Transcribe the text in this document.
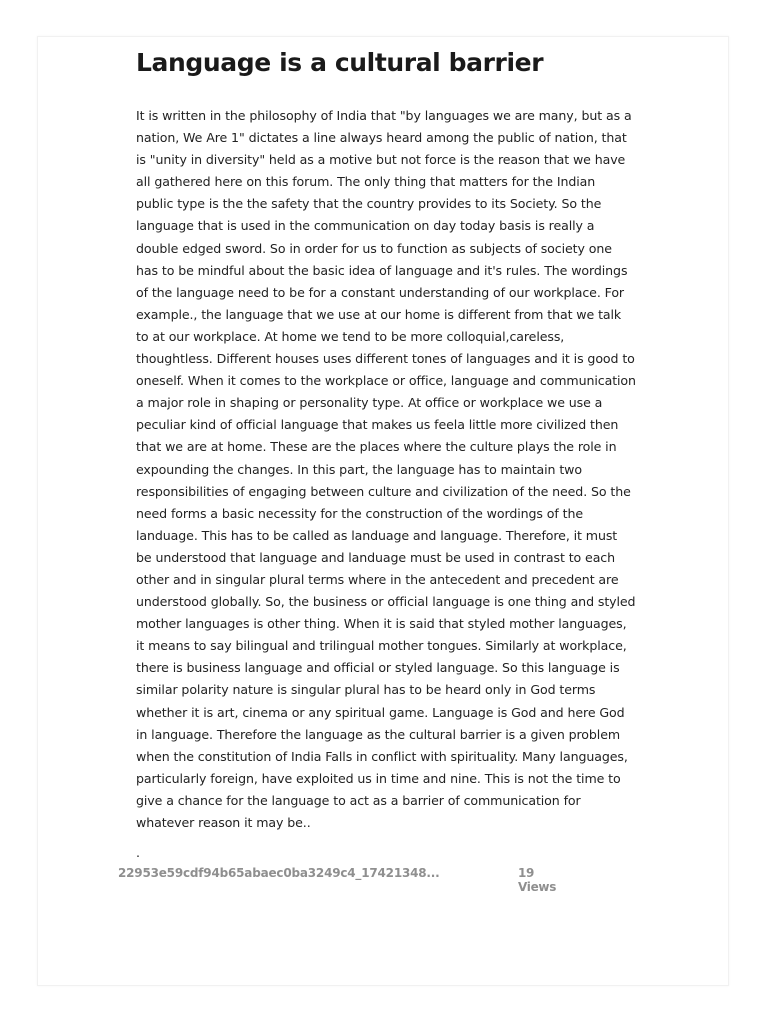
Language is a cultural barrier
It is written in the philosophy of India that "by languages we are many, but as a nation, We Are 1" dictates a line always heard among the public of nation, that is "unity in diversity" held as a motive but not force is the reason that we have all gathered here on this forum. The only thing that matters for the Indian public type is the the safety that the country provides to its Society. So the language that is used in the communication on day today basis is really a double edged sword. So in order for us to function as subjects of society one has to be mindful about the basic idea of language and it's rules. The wordings of the language need to be for a constant understanding of our workplace. For example., the language that we use at our home is different from that we talk to at our workplace. At home we tend to be more colloquial,careless, thoughtless. Different houses uses different tones of languages and it is good to oneself. When it comes to the workplace or office, language and communication a major role in shaping or personality type. At office or workplace we use a peculiar kind of official language that makes us feela little more civilized then that we are at home. These are the places where the culture plays the role in expounding the changes. In this part, the language has to maintain two responsibilities of engaging between culture and civilization of the need. So the need forms a basic necessity for the construction of the wordings of the landuage. This has to be called as landuage and language. Therefore, it must be understood that language and landuage must be used in contrast to each other and in singular plural terms where in the antecedent and precedent are understood globally. So, the business or official language is one thing and styled mother languages is other thing. When it is said that styled mother languages, it means to say bilingual and trilingual mother tongues. Similarly at workplace, there is business language and official or styled language. So this language is similar polarity nature is singular plural has to be heard only in God terms whether it is art, cinema or any spiritual game. Language is God and here God in language. Therefore the language as the cultural barrier is a given problem when the constitution of India Falls in conflict with spirituality. Many languages, particularly foreign, have exploited us in time and nine. This is not the time to give a chance for the language to act as a barrier of communication for whatever reason it may be..
.
22953e59cdf94b65abaec0ba3249c4_17421348...	19 Views
